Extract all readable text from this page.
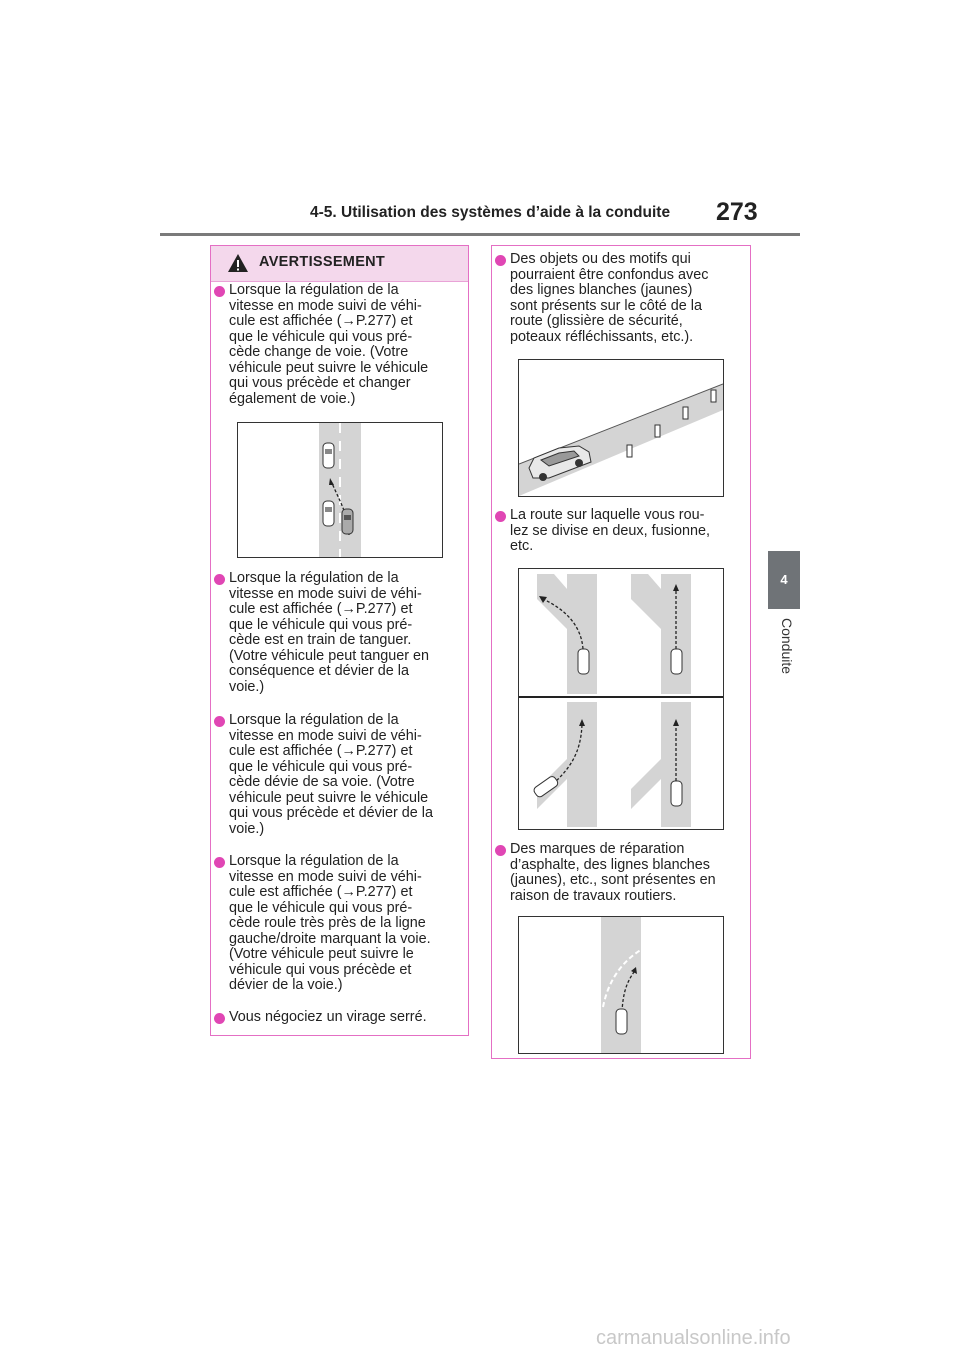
4-5. Utilisation des systèmes d’aide à la conduite	273
4
Conduite
AVERTISSEMENT
Lorsque la régulation de la
vitesse en mode suivi de véhi-
cule est affichée (→P.277) et
que le véhicule qui vous pré-
cède change de voie. (Votre
véhicule peut suivre le véhicule
qui vous précède et changer
également de voie.)
Lorsque la régulation de la
vitesse en mode suivi de véhi-
cule est affichée (→P.277) et
que le véhicule qui vous pré-
cède est en train de tanguer.
(Votre véhicule peut tanguer en
conséquence et dévier de la
voie.)
Lorsque la régulation de la
vitesse en mode suivi de véhi-
cule est affichée (→P.277) et
que le véhicule qui vous pré-
cède dévie de sa voie. (Votre
véhicule peut suivre le véhicule
qui vous précède et dévier de la
voie.)
Lorsque la régulation de la
vitesse en mode suivi de véhi-
cule est affichée (→P.277) et
que le véhicule qui vous pré-
cède roule très près de la ligne
gauche/droite marquant la voie.
(Votre véhicule peut suivre le
véhicule qui vous précède et
dévier de la voie.)
Vous négociez un virage serré.
Des objets ou des motifs qui
pourraient être confondus avec
des lignes blanches (jaunes)
sont présents sur le côté de la
route (glissière de sécurité,
poteaux réfléchissants, etc.).
La route sur laquelle vous rou-
lez se divise en deux, fusionne,
etc.
Des marques de réparation
d’asphalte, des lignes blanches
(jaunes), etc., sont présentes en
raison de travaux routiers.
carmanualsonline.info
